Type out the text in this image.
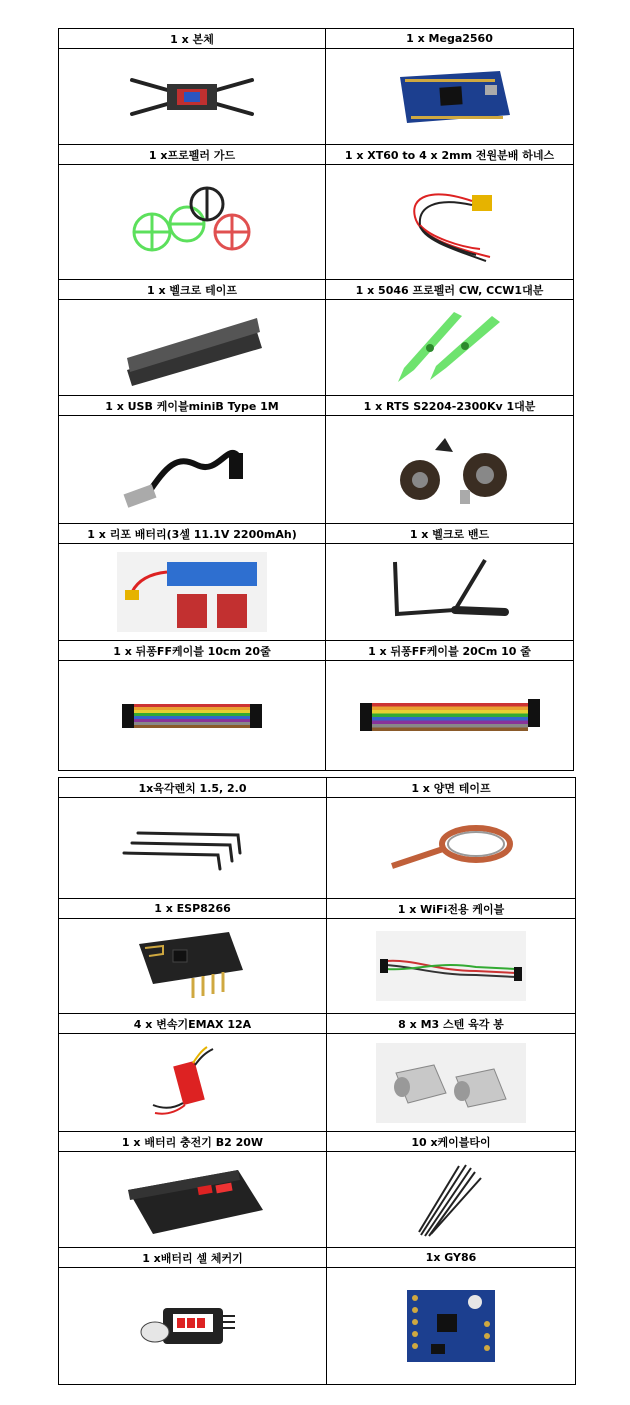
1 x 본체	1 x Mega2560

1 x프로펠러 가드	1 x XT60 to 4 x 2mm 전원분배 하네스

1 x 벨크로 테이프	1 x 5046 프로펠러 CW, CCW1대분

1 x USB 케이블miniB Type 1M	1 x RTS S2204-2300Kv 1대분

1 x 리포 배터리(3셀 11.1V 2200mAh)	1 x 벨크로 밴드

1 x 뒤퐁FF케이블 10cm 20줄	1 x 뒤퐁FF케이블 20Cm 10 줄

1x육각렌치 1.5, 2.0	1 x 양면 테이프

1 x ESP8266	1 x WiFi전용 케이블

4 x 변속기EMAX 12A	8 x M3 스텐 육각 봉

1 x 배터리 충전기 B2 20W	10 x케이블타이

1 x배터리 셀 체커기	1x GY86
